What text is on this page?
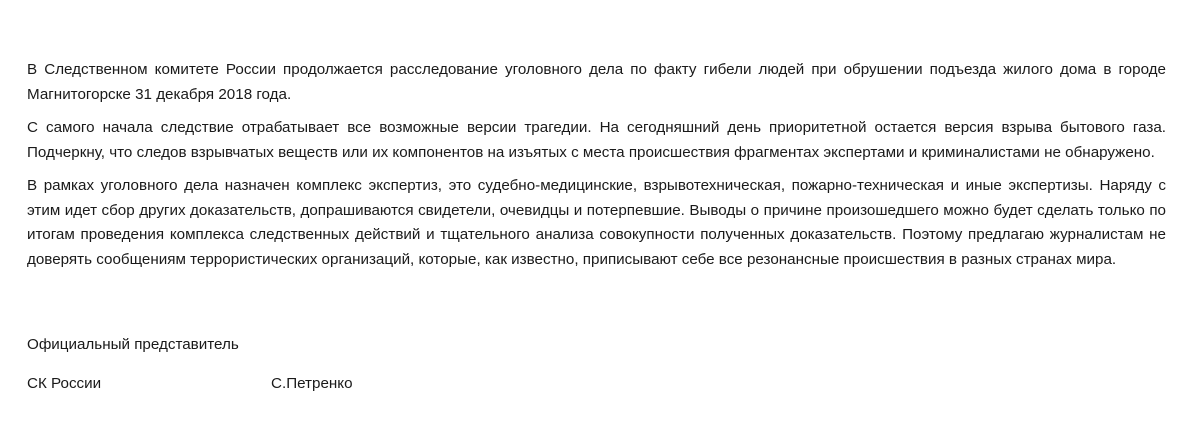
В Следственном комитете России продолжается расследование уголовного дела по факту гибели людей при обрушении подъезда жилого дома в городе Магнитогорске 31 декабря 2018 года.

С самого начала следствие отрабатывает все возможные версии трагедии. На сегодняшний день приоритетной остается версия взрыва бытового газа. Подчеркну, что следов взрывчатых веществ или их компонентов на изъятых с места происшествия фрагментах экспертами и криминалистами не обнаружено.

В рамках уголовного дела назначен комплекс экспертиз, это судебно-медицинские, взрывотехническая, пожарно-техническая и иные экспертизы. Наряду с этим идет сбор других доказательств, допрашиваются свидетели, очевидцы и потерпевшие. Выводы о причине произошедшего можно будет сделать только по итогам проведения комплекса следственных действий и тщательного анализа совокупности полученных доказательств. Поэтому предлагаю журналистам не доверять сообщениям террористических организаций, которые, как известно, приписывают себе все резонансные происшествия в разных странах мира.

Официальный представитель
СК России	С.Петренко
